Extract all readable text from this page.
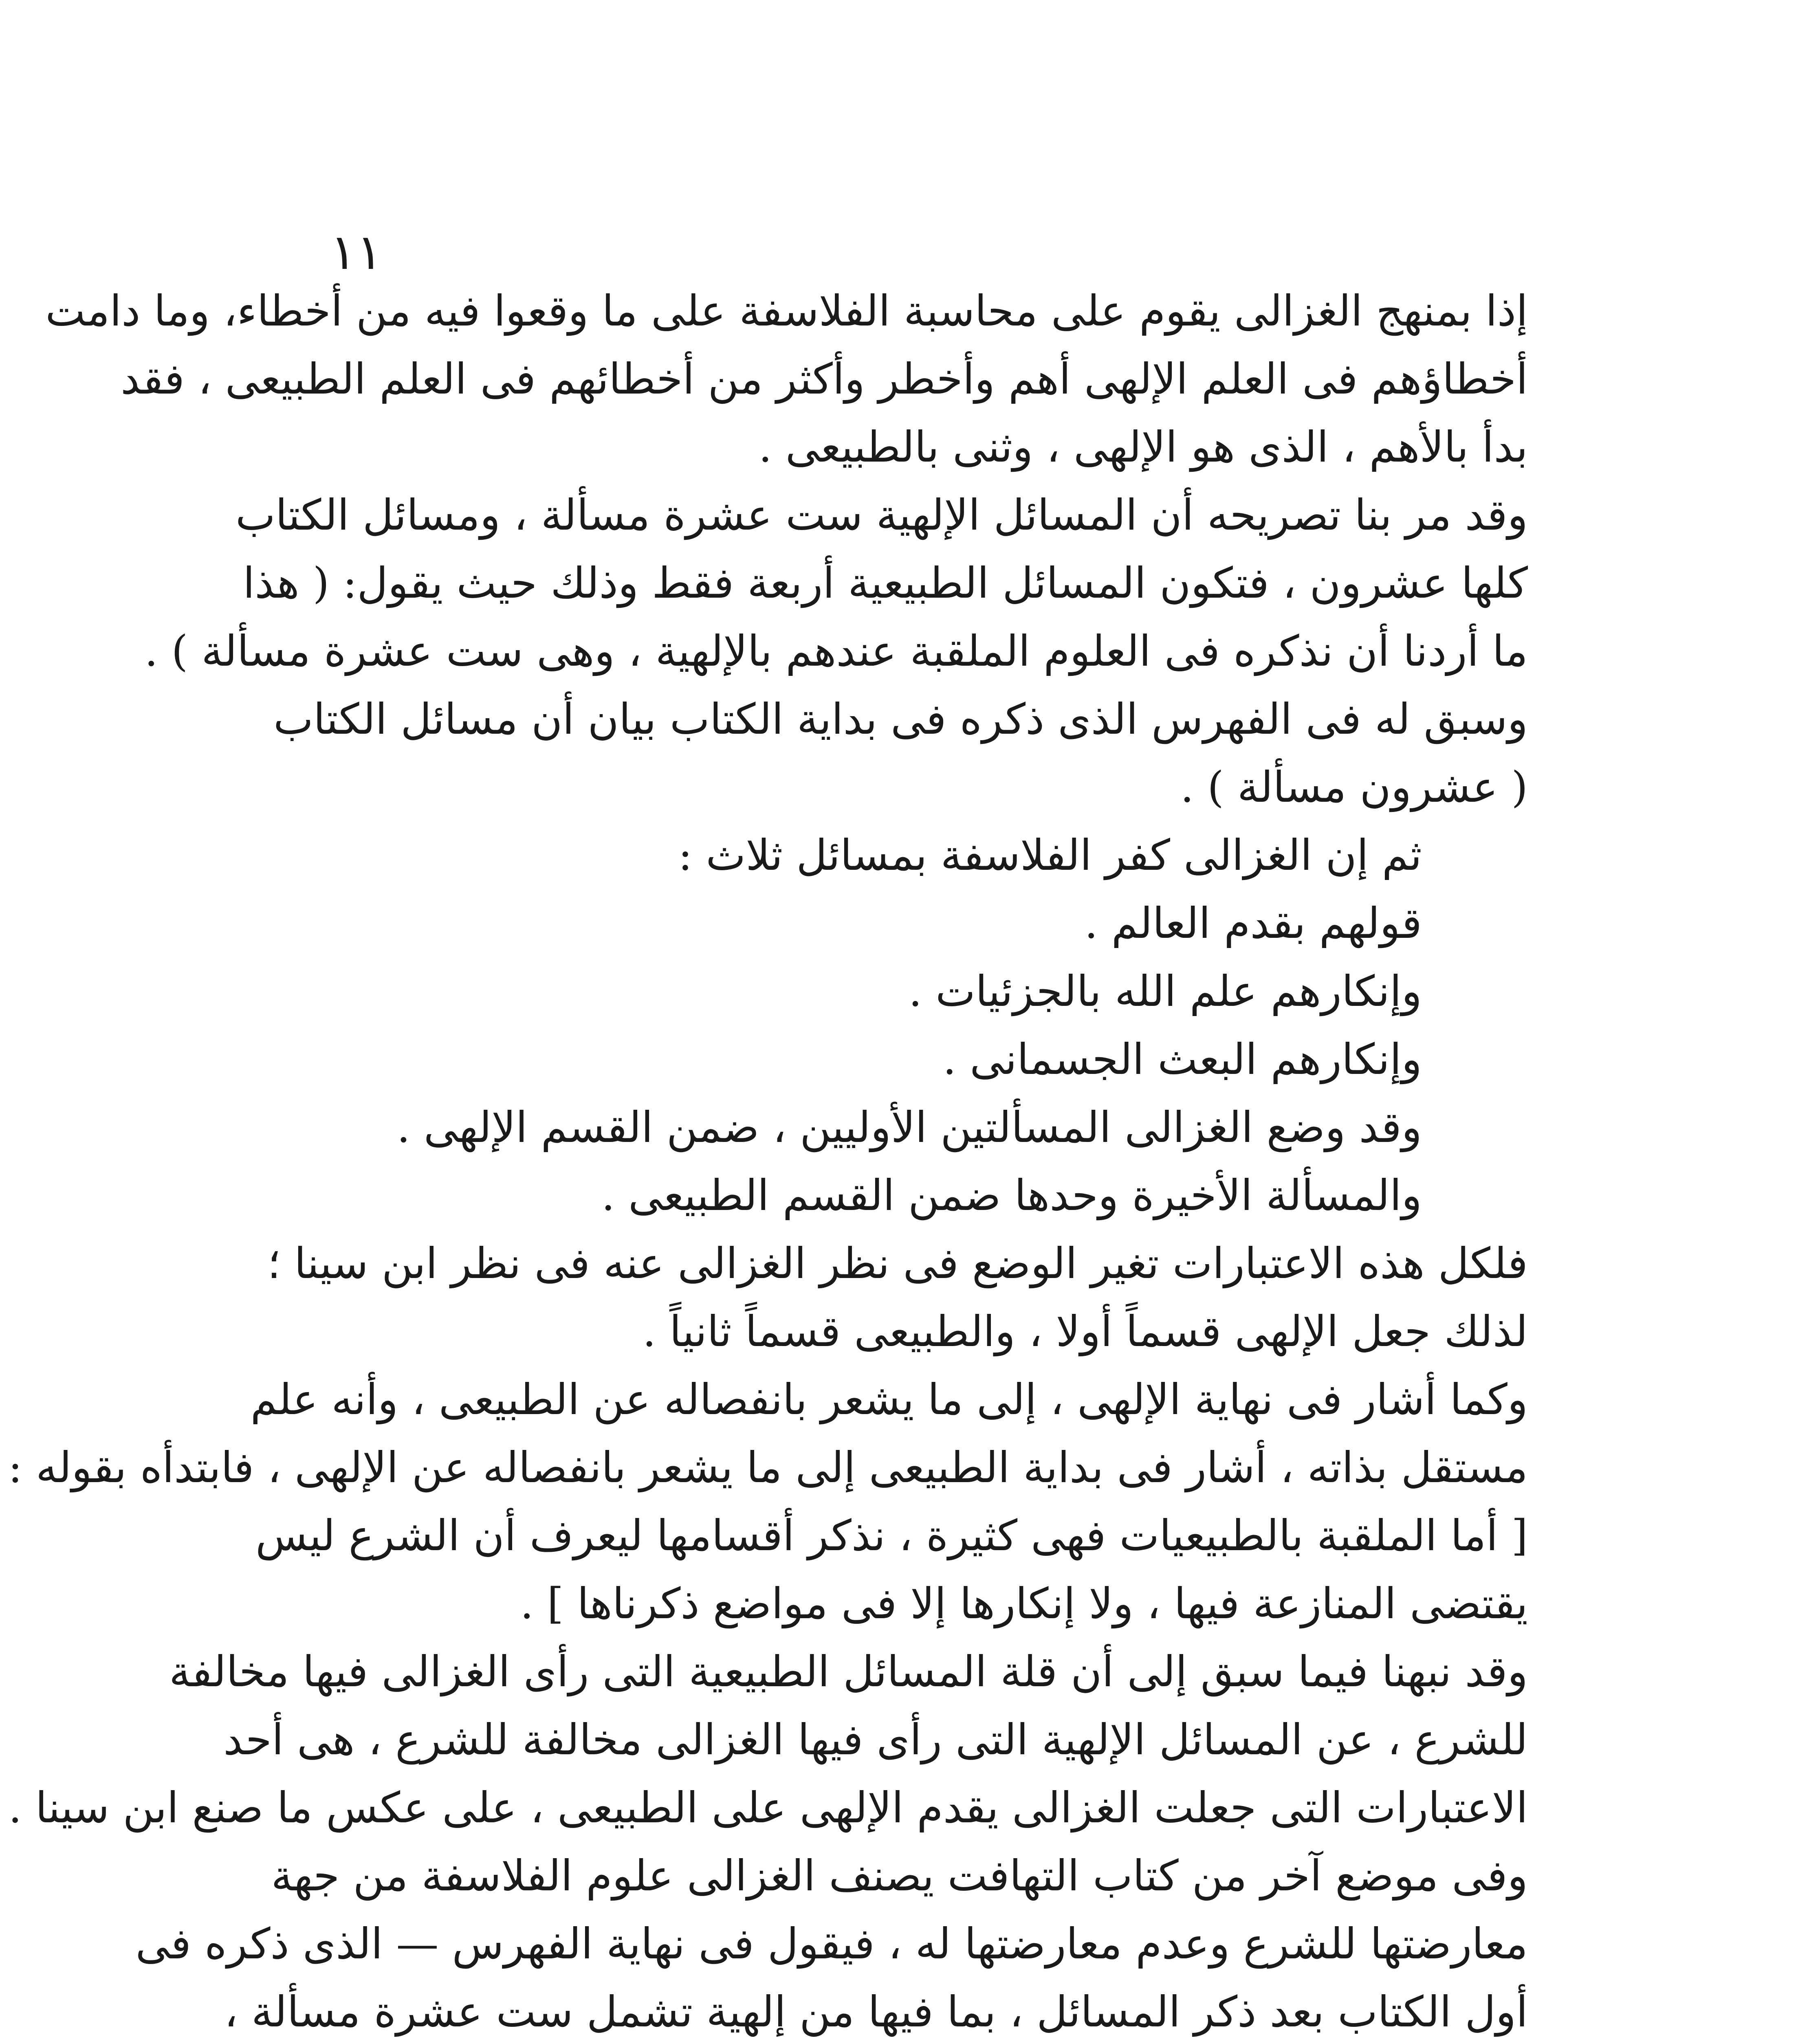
١١
إذا بمنهج الغزالى يقوم على محاسبة الفلاسفة على ما وقعوا فيه من أخطاء، وما دامت
أخطاؤهم فى العلم الإلهى أهم وأخطر وأكثر من أخطائهم فى العلم الطبيعى ، فقد
بدأ بالأهم ، الذى هو الإلهى ، وثنى بالطبيعى .
وقد مر بنا تصريحه أن المسائل الإلهية ست عشرة مسألة ، ومسائل الكتاب
كلها عشرون ، فتكون المسائل الطبيعية أربعة فقط وذلك حيث يقول: ( هذا
ما أردنا أن نذكره فى العلوم الملقبة عندهم بالإلهية ، وهى ست عشرة مسألة ) .
وسبق له فى الفهرس الذى ذكره فى بداية الكتاب بيان أن مسائل الكتاب
( عشرون مسألة ) .
ثم إن الغزالى كفر الفلاسفة بمسائل ثلاث :
قولهم بقدم العالم .
وإنكارهم علم الله بالجزئيات .
وإنكارهم البعث الجسمانى .
وقد وضع الغزالى المسألتين الأوليين ، ضمن القسم الإلهى .
والمسألة الأخيرة وحدها ضمن القسم الطبيعى .
فلكل هذه الاعتبارات تغير الوضع فى نظر الغزالى عنه فى نظر ابن سينا ؛
لذلك جعل الإلهى قسماً أولا ، والطبيعى قسماً ثانياً .
وكما أشار فى نهاية الإلهى ، إلى ما يشعر بانفصاله عن الطبيعى ، وأنه علم
مستقل بذاته ، أشار فى بداية الطبيعى إلى ما يشعر بانفصاله عن الإلهى ، فابتدأه بقوله :
[ أما الملقبة بالطبيعيات فهى كثيرة ، نذكر أقسامها ليعرف أن الشرع ليس
يقتضى المنازعة فيها ، ولا إنكارها إلا فى مواضع ذكرناها ] .
وقد نبهنا فيما سبق إلى أن قلة المسائل الطبيعية التى رأى الغزالى فيها مخالفة
للشرع ، عن المسائل الإلهية التى رأى فيها الغزالى مخالفة للشرع ، هى أحد
الاعتبارات التى جعلت الغزالى يقدم الإلهى على الطبيعى ، على عكس ما صنع ابن سينا .
وفى موضع آخر من كتاب التهافت يصنف الغزالى علوم الفلاسفة من جهة
معارضتها للشرع وعدم معارضتها له ، فيقول فى نهاية الفهرس — الذى ذكره فى
أول الكتاب بعد ذكر المسائل ، بما فيها من إلهية تشمل ست عشرة مسألة ،
